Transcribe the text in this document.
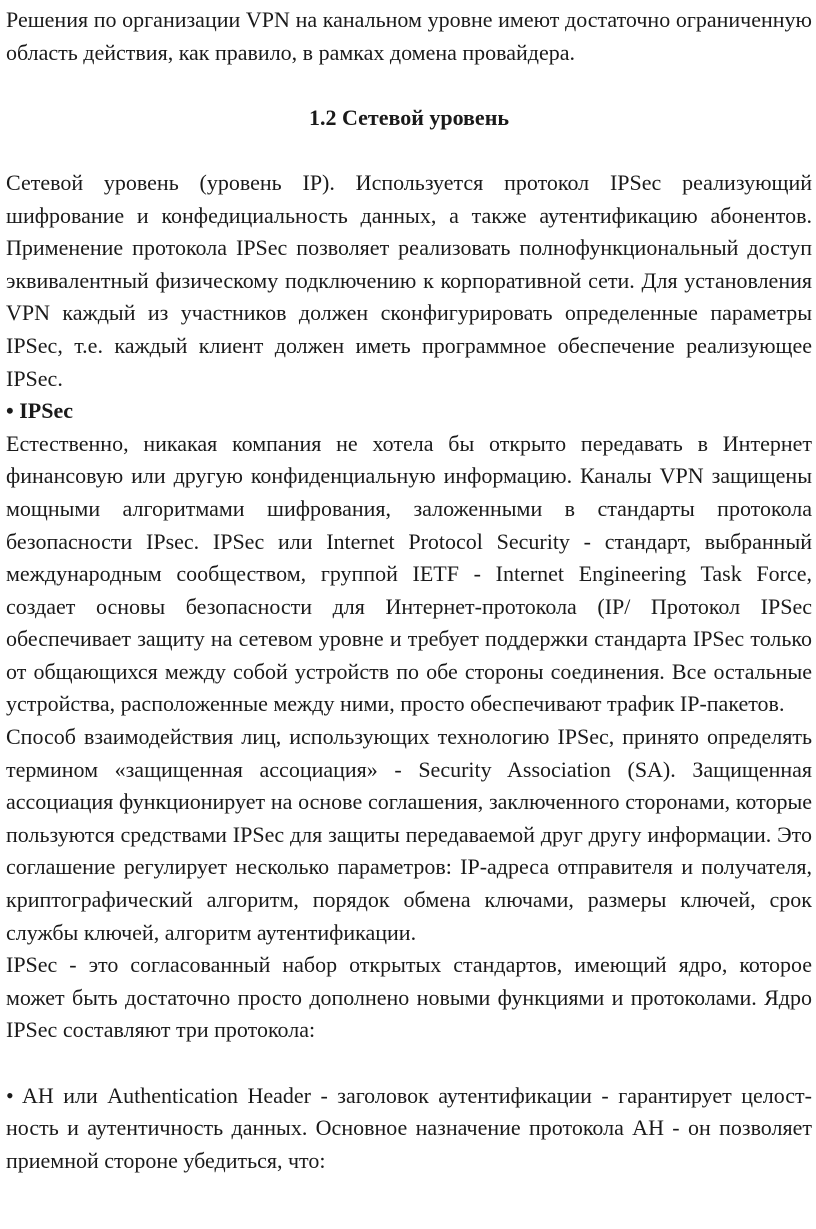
Решения по организации VPN на канальном уровне имеют достаточно ограниченную область действия, как правило, в рамках домена провайдера.

1.2 Сетевой уровень

Сетевой уровень (уровень IP). Используется протокол IPSec реализующий шифрование и конфедициальность данных, а также аутентификацию абонентов. Применение протокола IPSec позволяет реализовать полнофункциональный доступ эквивалентный физическому подключению к корпоративной сети. Для установления VPN каждый из участников должен сконфигурировать определенные параметры IPSec, т.е. каждый клиент должен иметь программное обеспечение реализующее IPSec.

• IPSec

Естественно, никакая компания не хотела бы открыто передавать в Интернет финансовую или другую конфиденциальную информацию. Каналы VPN защищены мощными алгоритмами шифрования, заложенными в стандарты протокола безопасности IPsec. IPSec или Internet Protocol Security - стандарт, выбранный международным сообществом, группой IETF - Internet Engineering Task Force, создает основы безопасности для Интернет-протокола (IP/ Протокол IPSec обеспечивает защиту на сетевом уровне и требует поддержки стандарта IPSec только от общающихся между собой устройств по обе стороны соединения. Все остальные устройства, расположенные между ними, просто обеспечивают трафик IP-пакетов.

Способ взаимодействия лиц, использующих технологию IPSec, принято определять термином «защищенная ассоциация» - Security Association (SA). Защищенная ассоциация функционирует на основе соглашения, заключенного сторонами, которые пользуются средствами IPSec для защиты передаваемой друг другу информации. Это соглашение регулирует несколько параметров: IP-адреса отправителя и получателя, криптографический алгоритм, порядок обмена ключами, размеры ключей, срок службы ключей, алгоритм аутентификации.

IPSec - это согласованный набор открытых стандартов, имеющий ядро, которое может быть достаточно просто дополнено новыми функциями и протоколами. Ядро IPSec составляют три протокола:

• AH или Authentication Header - заголовок аутентификации - гарантирует целост-ность и аутентичность данных. Основное назначение протокола AH - он позволяет приемной стороне убедиться, что:
